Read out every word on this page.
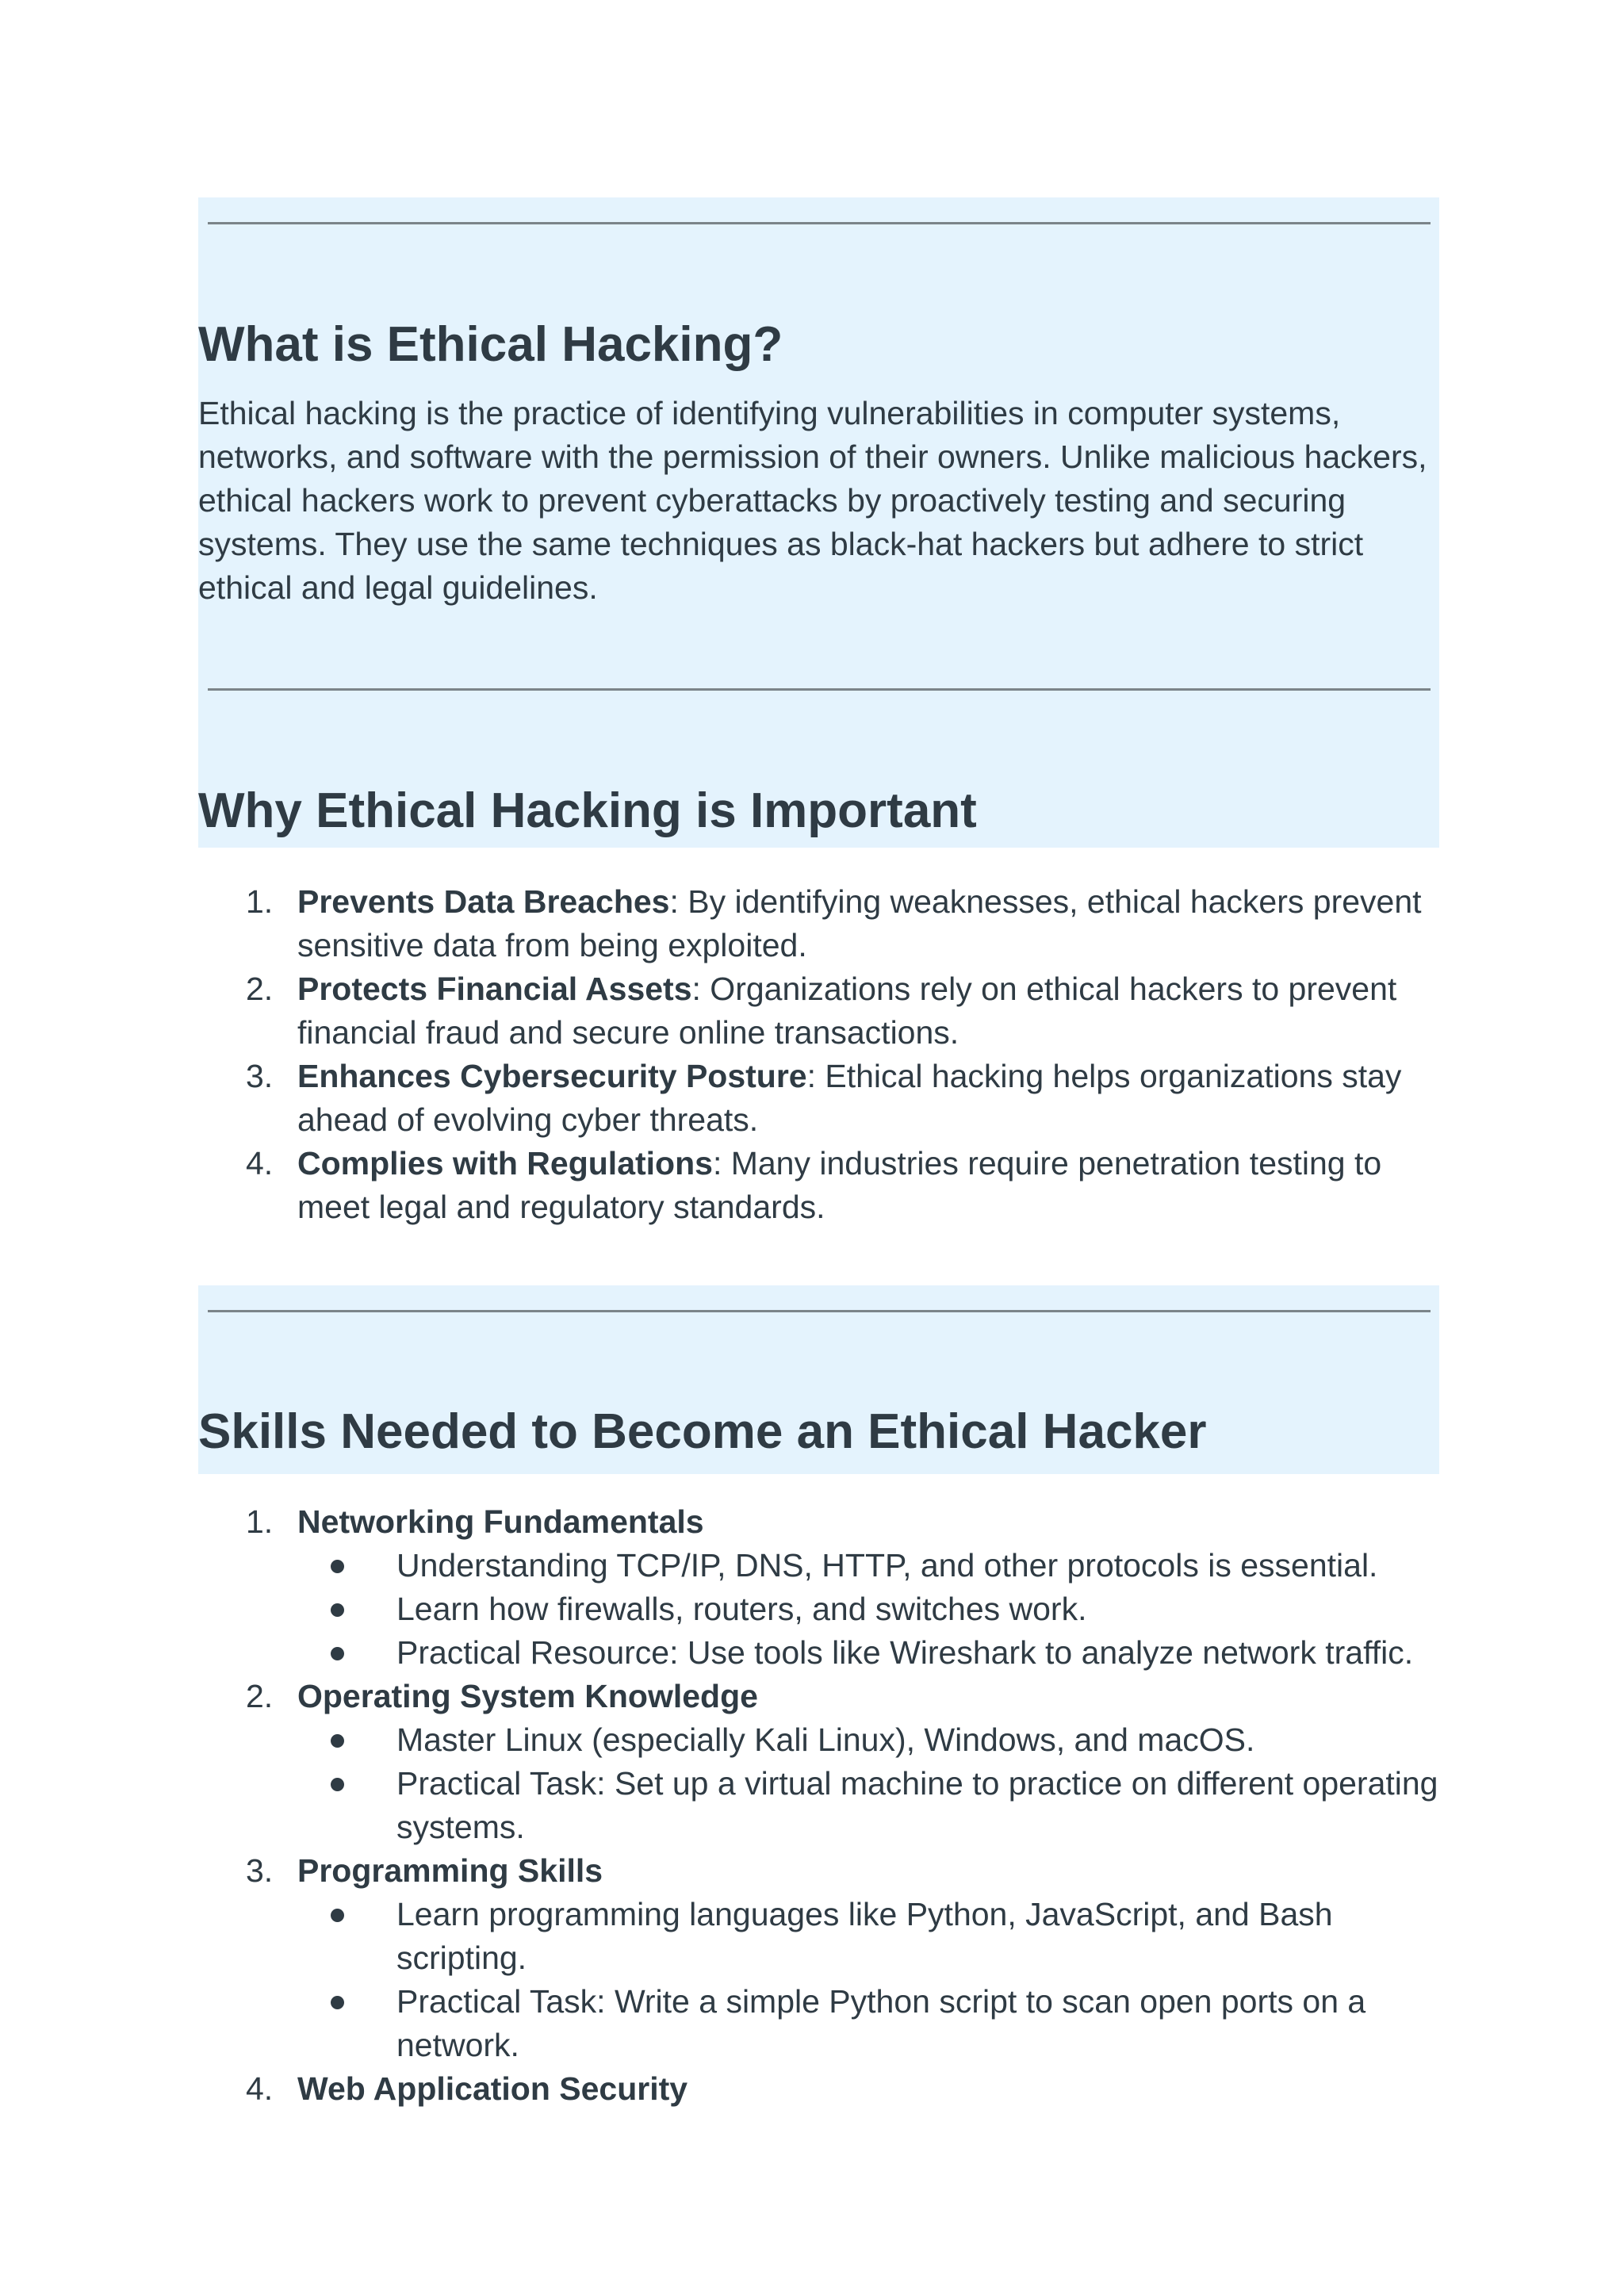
What is Ethical Hacking?

Ethical hacking is the practice of identifying vulnerabilities in computer systems, networks, and software with the permission of their owners. Unlike malicious hackers, ethical hackers work to prevent cyberattacks by proactively testing and securing systems. They use the same techniques as black-hat hackers but adhere to strict ethical and legal guidelines.

Why Ethical Hacking is Important
1. Prevents Data Breaches: By identifying weaknesses, ethical hackers prevent sensitive data from being exploited.
2. Protects Financial Assets: Organizations rely on ethical hackers to prevent financial fraud and secure online transactions.
3. Enhances Cybersecurity Posture: Ethical hacking helps organizations stay ahead of evolving cyber threats.
4. Complies with Regulations: Many industries require penetration testing to meet legal and regulatory standards.
Skills Needed to Become an Ethical Hacker
1. Networking Fundamentals
Understanding TCP/IP, DNS, HTTP, and other protocols is essential.
Learn how firewalls, routers, and switches work.
Practical Resource: Use tools like Wireshark to analyze network traffic.
2. Operating System Knowledge
Master Linux (especially Kali Linux), Windows, and macOS.
Practical Task: Set up a virtual machine to practice on different operating systems.
3. Programming Skills
Learn programming languages like Python, JavaScript, and Bash scripting.
Practical Task: Write a simple Python script to scan open ports on a network.
4. Web Application Security
